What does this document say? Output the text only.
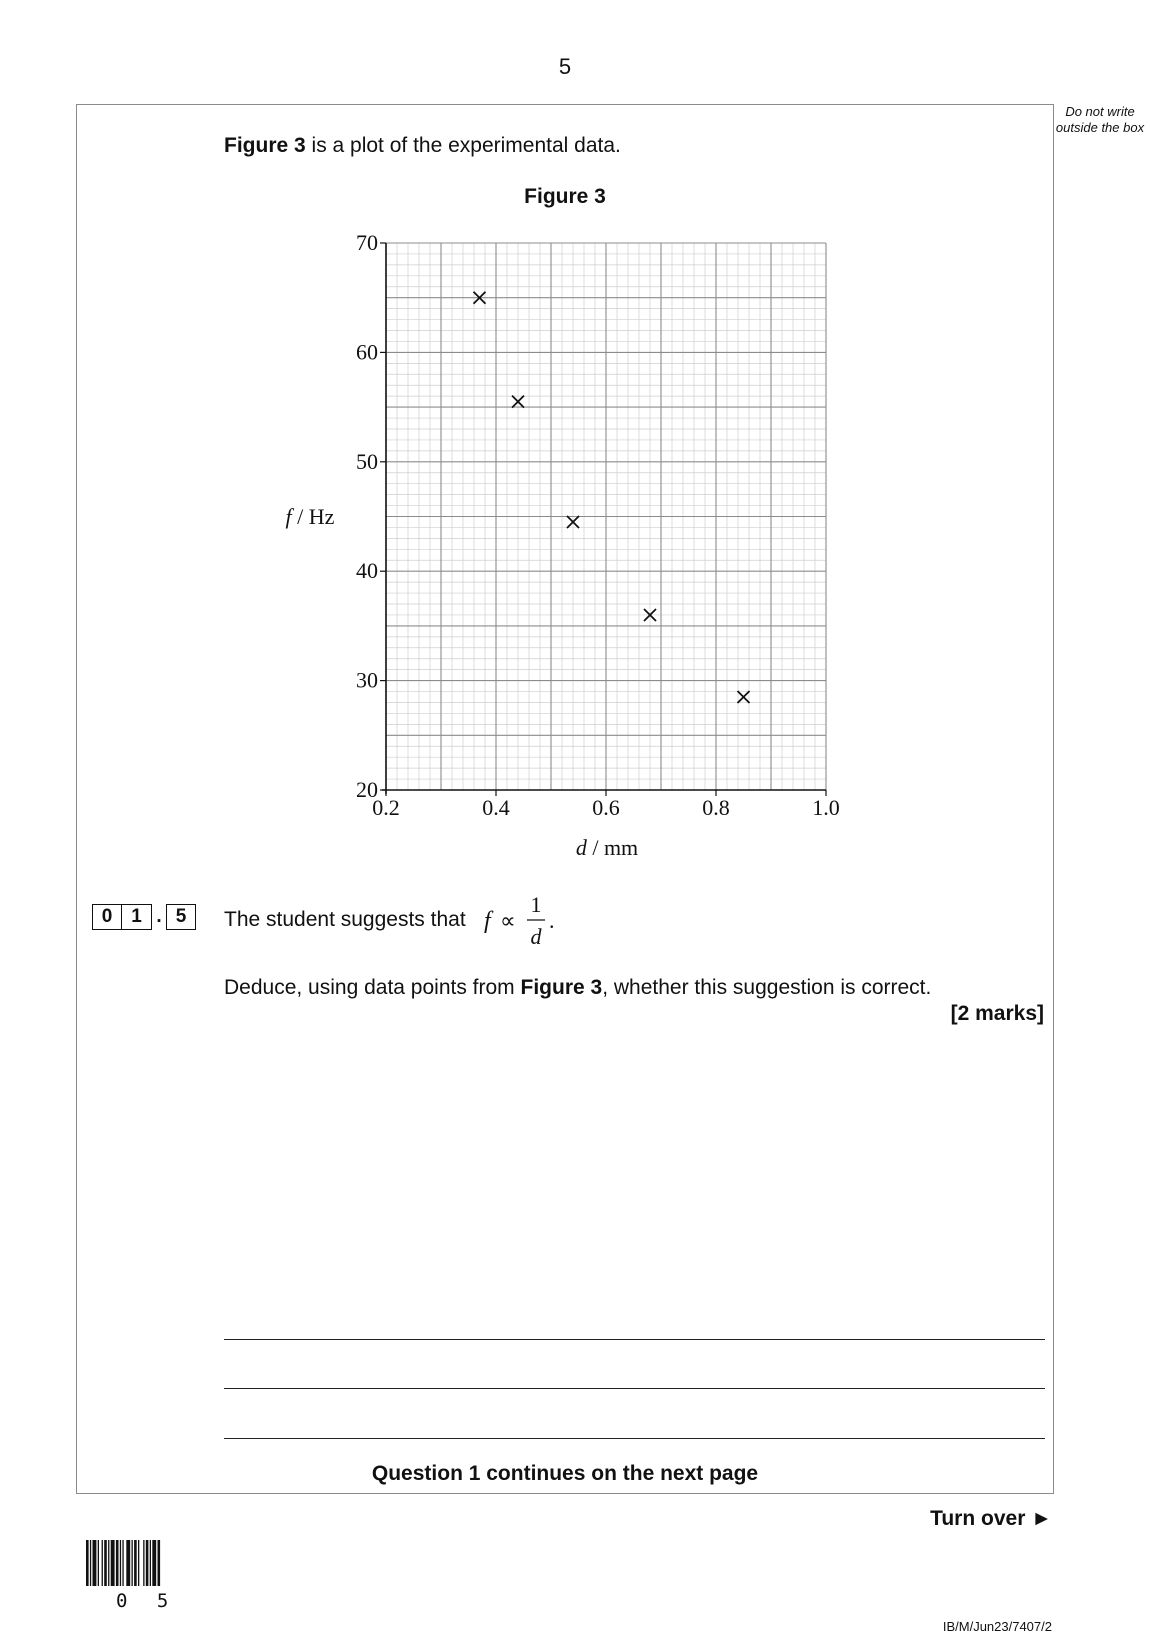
5
Do not write outside the box
Figure 3 is a plot of the experimental data.
Figure 3
20
30
40
50
60
70
0.2	0.4	0.6	0.8	1.0
f / Hz
d / mm
0 1 . 5	The student suggests that f ∝
1
d
.
Deduce, using data points from Figure 3, whether this suggestion is correct.
[2 marks]
Question 1 continues on the next page
Turn over ►
0 5
IB/M/Jun23/7407/2
